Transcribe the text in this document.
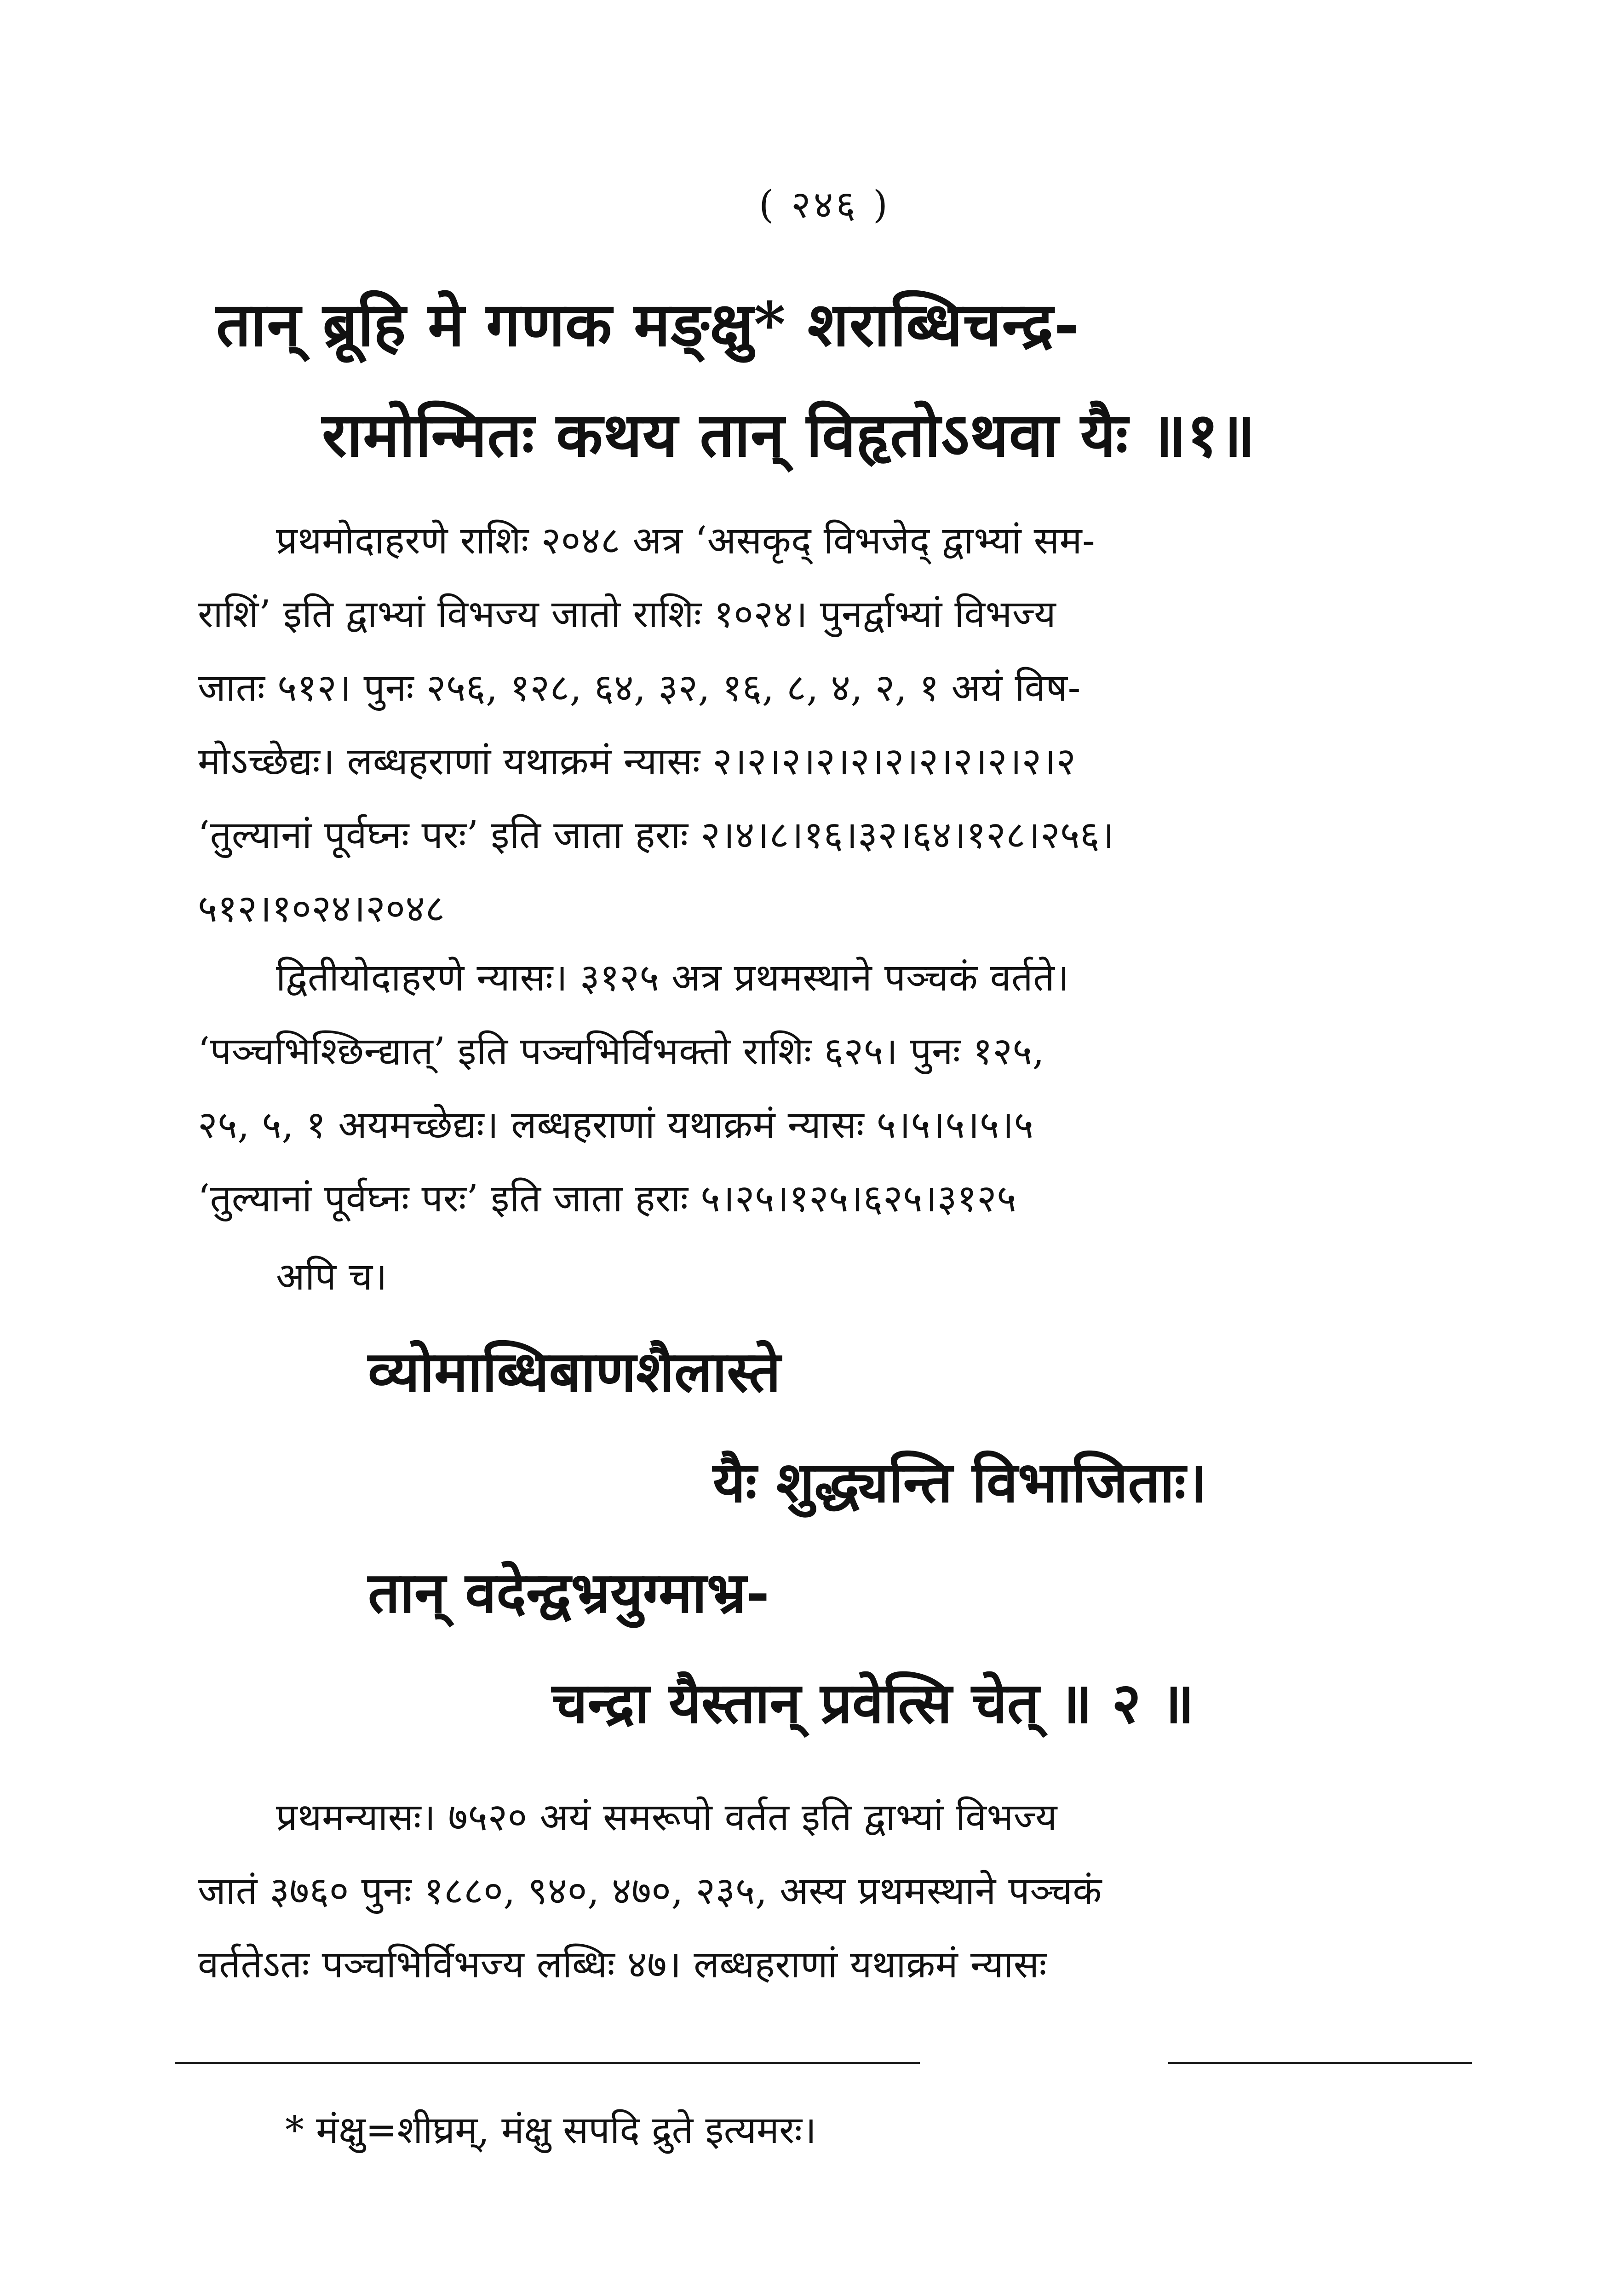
( २४६ )
तान् ब्रूहि मे गणक मङ्क्षु* शराब्धिचन्द्र-
रामोन्मितः कथय तान् विहृतोऽथवा यैः ॥१॥
प्रथमोदाहरणे राशिः २०४८ अत्र ‘असकृद् विभजेद् द्वाभ्यां सम-
राशिं’ इति द्वाभ्यां विभज्य जातो राशिः १०२४। पुनर्द्वाभ्यां विभज्य
जातः ५१२। पुनः २५६, १२८, ६४, ३२, १६, ८, ४, २, १ अयं विष-
मोऽच्छेद्यः। लब्धहराणां यथाक्रमं न्यासः २।२।२।२।२।२।२।२।२।२।२
‘तुल्यानां पूर्वघ्नः परः’ इति जाता हराः २।४।८।१६।३२।६४।१२८।२५६।
५१२।१०२४।२०४८
द्वितीयोदाहरणे न्यासः। ३१२५ अत्र प्रथमस्थाने पञ्चकं वर्तते।
‘पञ्चभिश्छिन्द्यात्’ इति पञ्चभिर्विभक्तो राशिः ६२५। पुनः १२५,
२५, ५, १ अयमच्छेद्यः। लब्धहराणां यथाक्रमं न्यासः ५।५।५।५।५
‘तुल्यानां पूर्वघ्नः परः’ इति जाता हराः ५।२५।१२५।६२५।३१२५
अपि च।
व्योमाब्धिबाणशैलास्ते
यैः शुद्ध्यन्ति विभाजिताः।
तान् वदेन्द्वभ्रयुग्माभ्र-
चन्द्रा यैस्तान् प्रवेत्सि चेत् ॥ २ ॥
प्रथमन्यासः। ७५२० अयं समरूपो वर्तत इति द्वाभ्यां विभज्य
जातं ३७६० पुनः १८८०, ९४०, ४७०, २३५, अस्य प्रथमस्थाने पञ्चकं
वर्ततेऽतः पञ्चभिर्विभज्य लब्धिः ४७। लब्धहराणां यथाक्रमं न्यासः
* मंक्षु=शीघ्रम्, मंक्षु सपदि द्रुते इत्यमरः।
